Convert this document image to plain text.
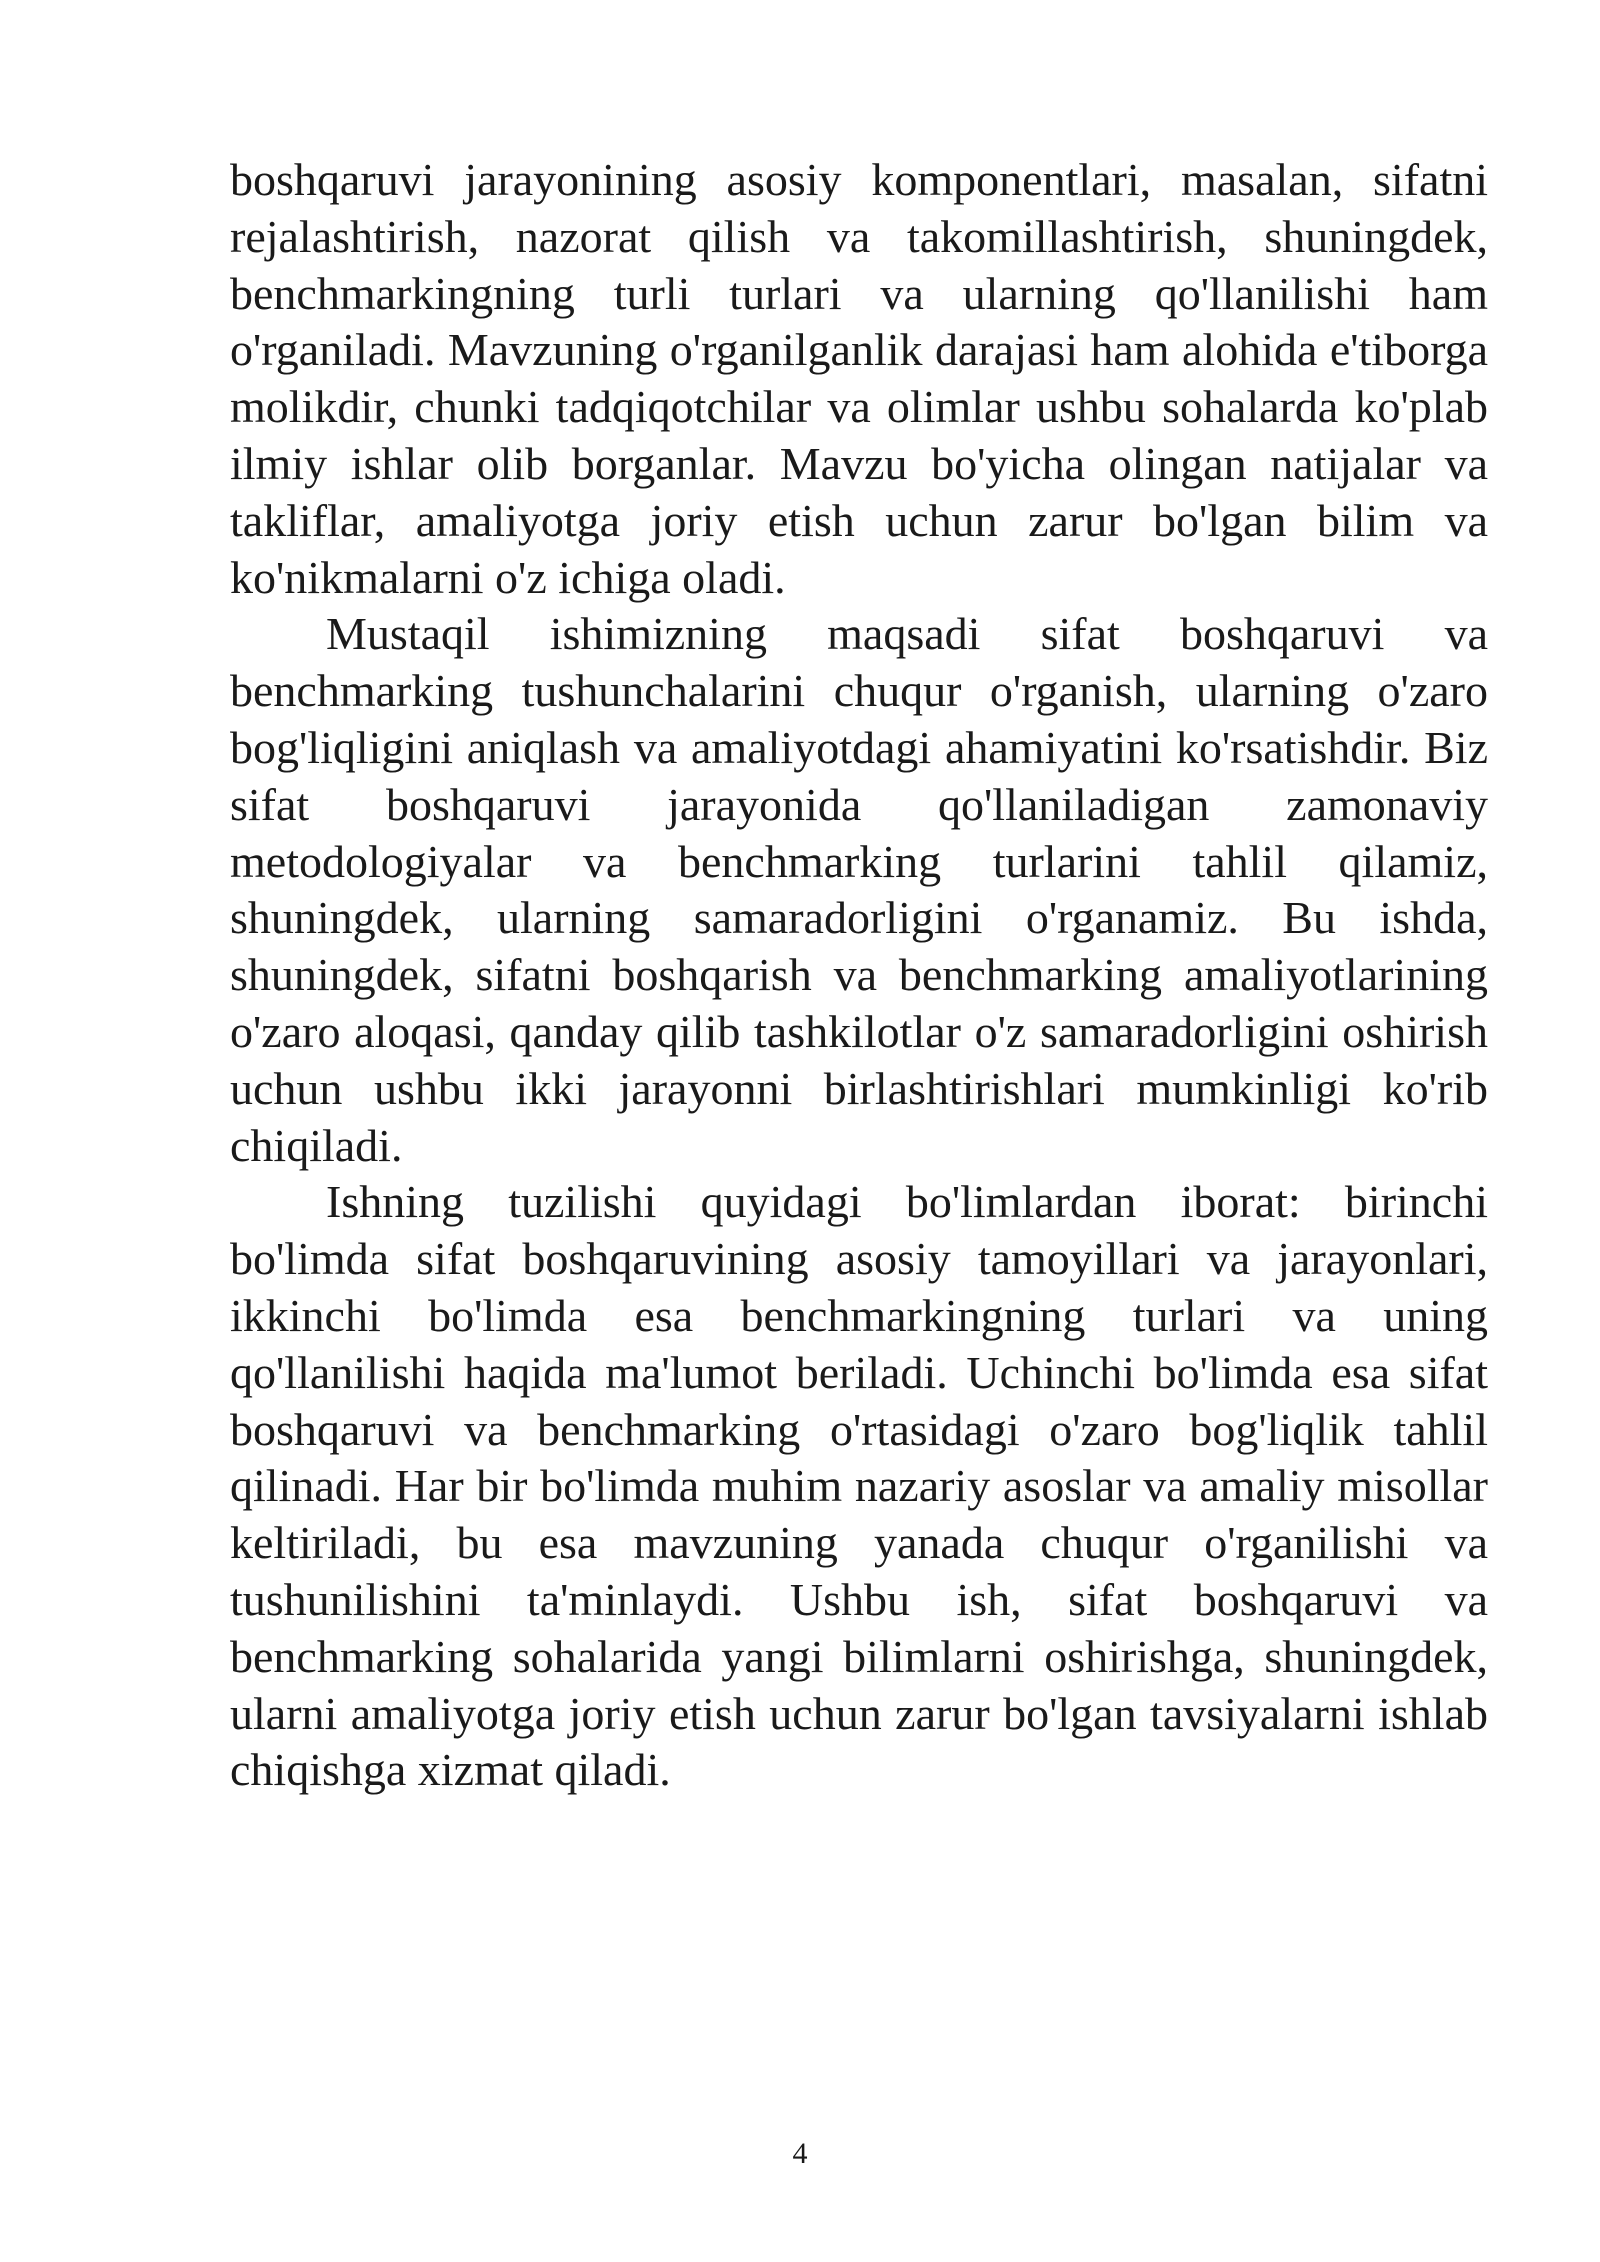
boshqaruvi jarayonining asosiy komponentlari, masalan, sifatni rejalashtirish, nazorat qilish va takomillashtirish, shuningdek, benchmarkingning turli turlari va ularning qo'llanilishi ham o'rganiladi. Mavzuning o'rganilganlik darajasi ham alohida e'tiborga molikdir, chunki tadqiqotchilar va olimlar ushbu sohalarda ko'plab ilmiy ishlar olib borganlar. Mavzu bo'yicha olingan natijalar va takliflar, amaliyotga joriy etish uchun zarur bo'lgan bilim va ko'nikmalarni o'z ichiga oladi.

Mustaqil ishimizning maqsadi sifat boshqaruvi va benchmarking tushunchalarini chuqur o'rganish, ularning o'zaro bog'liqligini aniqlash va amaliyotdagi ahamiyatini ko'rsatishdir. Biz sifat boshqaruvi jarayonida qo'llaniladigan zamonaviy metodologiyalar va benchmarking turlarini tahlil qilamiz, shuningdek, ularning samaradorligini o'rganamiz. Bu ishda, shuningdek, sifatni boshqarish va benchmarking amaliyotlarining o'zaro aloqasi, qanday qilib tashkilotlar o'z samaradorligini oshirish uchun ushbu ikki jarayonni birlashtirishlari mumkinligi ko'rib chiqiladi.

Ishning tuzilishi quyidagi bo'limlardan iborat: birinchi bo'limda sifat boshqaruvining asosiy tamoyillari va jarayonlari, ikkinchi bo'limda esa benchmarkingning turlari va uning qo'llanilishi haqida ma'lumot beriladi. Uchinchi bo'limda esa sifat boshqaruvi va benchmarking o'rtasidagi o'zaro bog'liqlik tahlil qilinadi. Har bir bo'limda muhim nazariy asoslar va amaliy misollar keltiriladi, bu esa mavzuning yanada chuqur o'rganilishi va tushunilishini ta'minlaydi. Ushbu ish, sifat boshqaruvi va benchmarking sohalarida yangi bilimlarni oshirishga, shuningdek, ularni amaliyotga joriy etish uchun zarur bo'lgan tavsiyalarni ishlab chiqishga xizmat qiladi.

4
